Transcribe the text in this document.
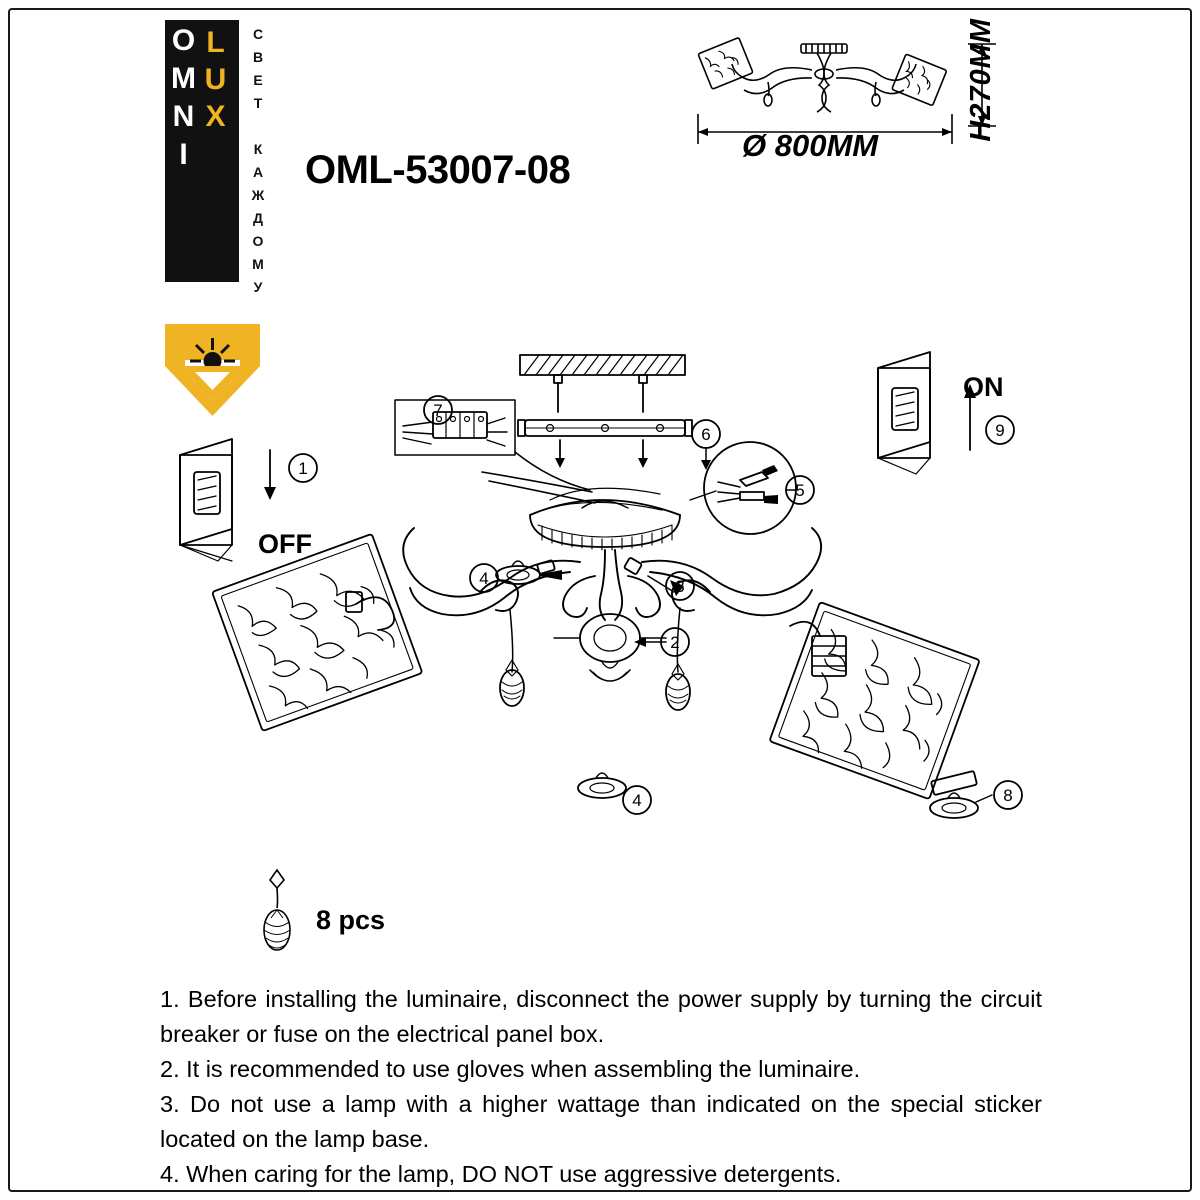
OMNI LUX	СВЕТ КАЖДОМУ OML-53007-08
Ø 800MM
H270MM
1
2
3
4
4
5
6
7
8
9
OFF
ON
8 pcs

1. Before installing the luminaire, disconnect the power supply by turning the circuit breaker or fuse on the electrical panel box.

2. It is recommended to use gloves when assembling the luminaire.

3. Do not use a lamp with a higher wattage than indicated on the special sticker located on the lamp base.

4. When caring for the lamp, DO NOT use aggressive detergents.
